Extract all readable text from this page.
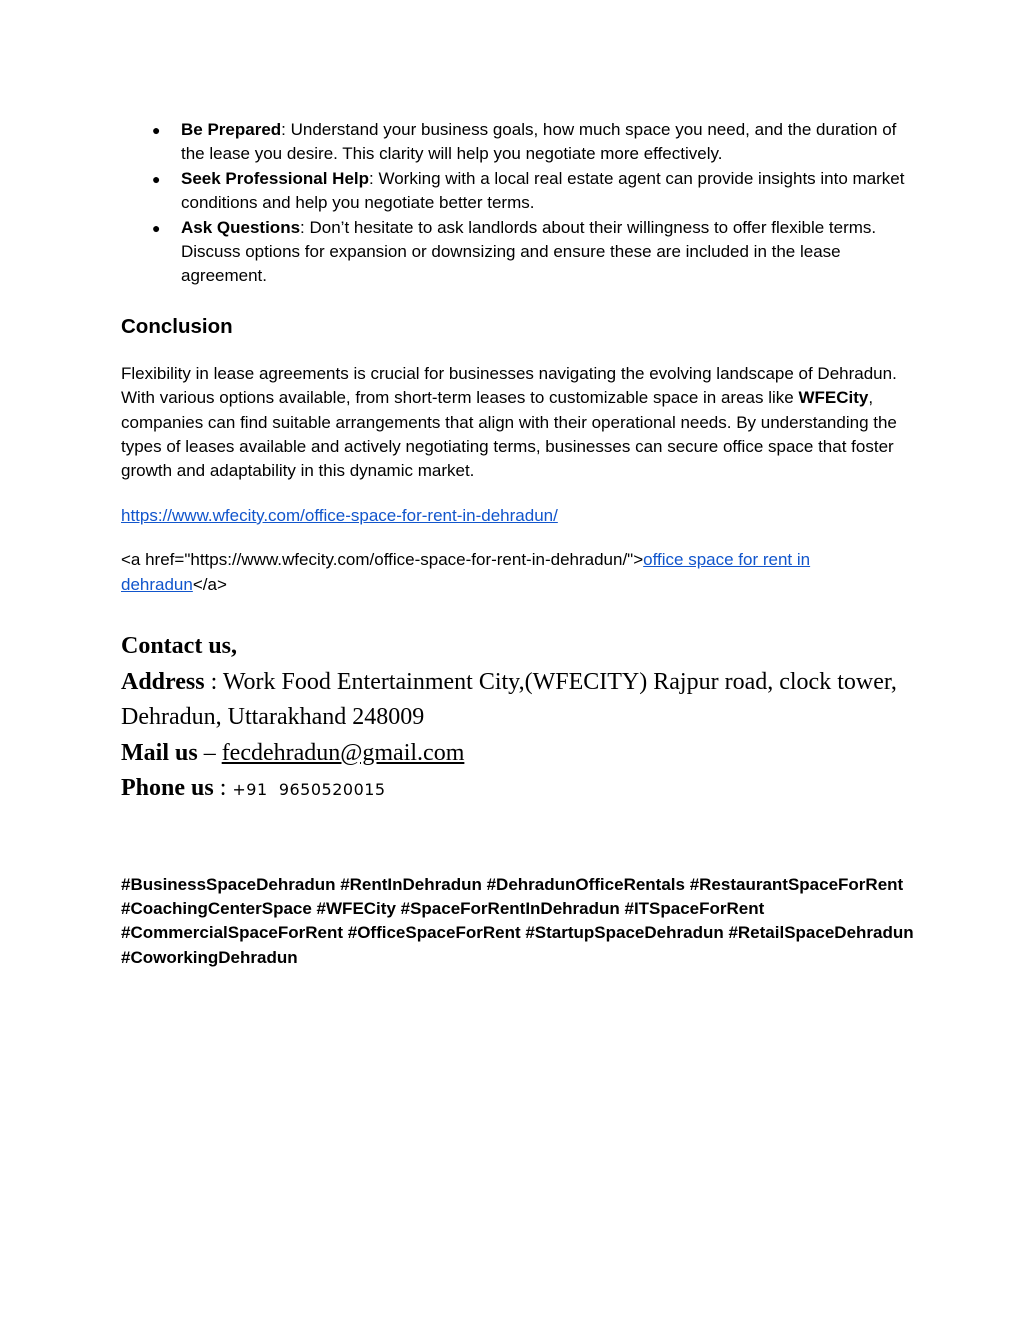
● Be Prepared: Understand your business goals, how much space you need, and the duration of the lease you desire. This clarity will help you negotiate more effectively.
● Seek Professional Help: Working with a local real estate agent can provide insights into market conditions and help you negotiate better terms.
● Ask Questions: Don’t hesitate to ask landlords about their willingness to offer flexible terms. Discuss options for expansion or downsizing and ensure these are included in the lease agreement.
Conclusion

Flexibility in lease agreements is crucial for businesses navigating the evolving landscape of Dehradun. With various options available, from short-term leases to customizable space in areas like WFECity, companies can find suitable arrangements that align with their operational needs. By understanding the types of leases available and actively negotiating terms, businesses can secure office space that foster growth and adaptability in this dynamic market.

https://www.wfecity.com/office-space-for-rent-in-dehradun/

<a href="https://www.wfecity.com/office-space-for-rent-in-dehradun/">office space for rent in dehradun</a>

Contact us,
Address : Work Food Entertainment City,(WFECITY) Rajpur road, clock tower, Dehradun, Uttarakhand 248009
Mail us – fecdehradun@gmail.com
Phone us : +91  9650520015

#BusinessSpaceDehradun #RentInDehradun #DehradunOfficeRentals #RestaurantSpaceForRent #CoachingCenterSpace #WFECity #SpaceForRentInDehradun #ITSpaceForRent #CommercialSpaceForRent #OfficeSpaceForRent #StartupSpaceDehradun #RetailSpaceDehradun #CoworkingDehradun
